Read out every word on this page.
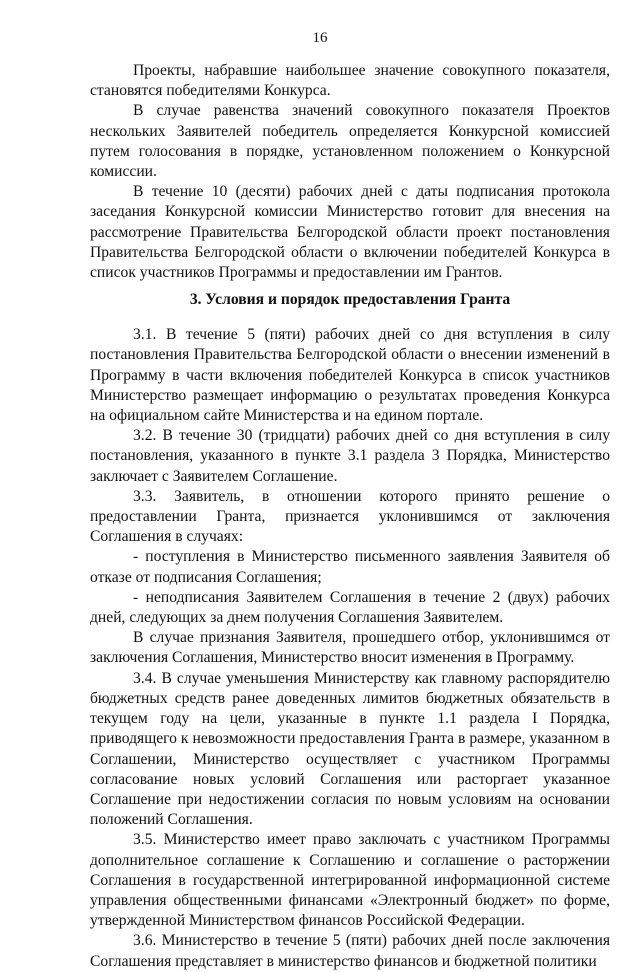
16

Проекты, набравшие наибольшее значение совокупного показателя, становятся победителями Конкурса.

В случае равенства значений совокупного показателя Проектов нескольких Заявителей победитель определяется Конкурсной комиссией путем голосования в порядке, установленном положением о Конкурсной комиссии.

В течение 10 (десяти) рабочих дней с даты подписания протокола заседания Конкурсной комиссии Министерство готовит для внесения на рассмотрение Правительства Белгородской области проект постановления Правительства Белгородской области о включении победителей Конкурса в список участников Программы и предоставлении им Грантов.

3. Условия и порядок предоставления Гранта

3.1. В течение 5 (пяти) рабочих дней со дня вступления в силу постановления Правительства Белгородской области о внесении изменений в Программу в части включения победителей Конкурса в список участников Министерство размещает информацию о результатах проведения Конкурса на официальном сайте Министерства и на едином портале.

3.2. В течение 30 (тридцати) рабочих дней со дня вступления в силу постановления, указанного в пункте 3.1 раздела 3 Порядка, Министерство заключает с Заявителем Соглашение.

3.3. Заявитель, в отношении которого принято решение о предоставлении Гранта, признается уклонившимся от заключения Соглашения в случаях:

- поступления в Министерство письменного заявления Заявителя об отказе от подписания Соглашения;

- неподписания Заявителем Соглашения в течение 2 (двух) рабочих дней, следующих за днем получения Соглашения Заявителем.

В случае признания Заявителя, прошедшего отбор, уклонившимся от заключения Соглашения, Министерство вносит изменения в Программу.

3.4. В случае уменьшения Министерству как главному распорядителю бюджетных средств ранее доведенных лимитов бюджетных обязательств в текущем году на цели, указанные в пункте 1.1 раздела I Порядка, приводящего к невозможности предоставления Гранта в размере, указанном в Соглашении, Министерство осуществляет с участником Программы согласование новых условий Соглашения или расторгает указанное Соглашение при недостижении согласия по новым условиям на основании положений Соглашения.

3.5. Министерство имеет право заключать с участником Программы дополнительное соглашение к Соглашению и соглашение о расторжении Соглашения в государственной интегрированной информационной системе управления общественными финансами «Электронный бюджет» по форме, утвержденной Министерством финансов Российской Федерации.

3.6. Министерство в течение 5 (пяти) рабочих дней после заключения Соглашения представляет в министерство финансов и бюджетной политики
